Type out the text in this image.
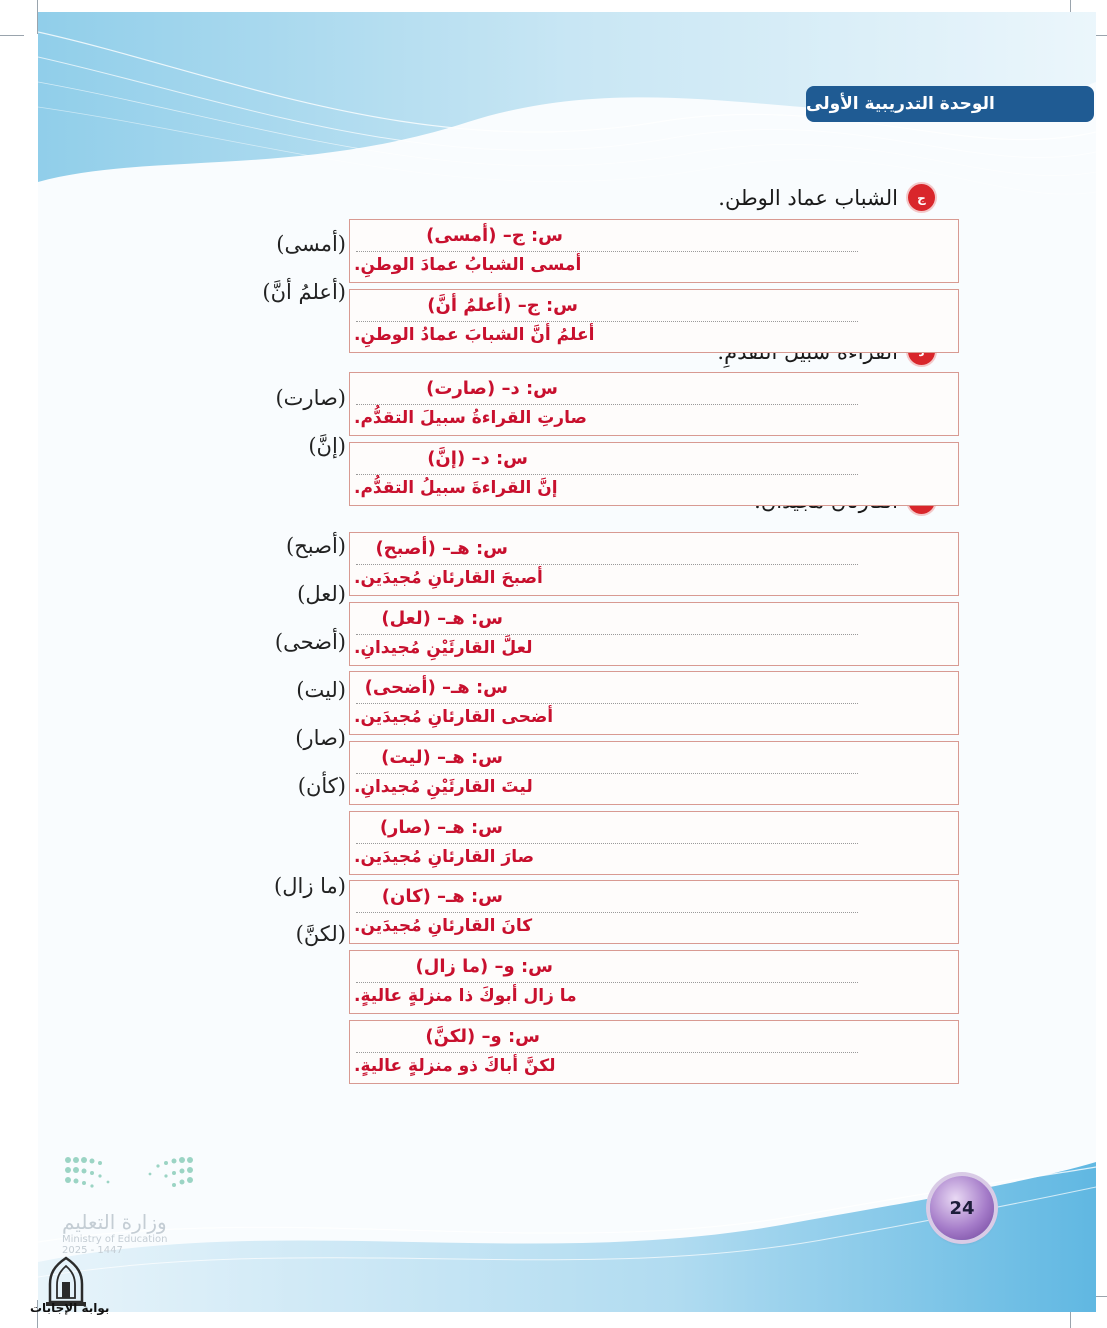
الوحدة التدريبية الأولى
ج
الشباب عماد الوطن.
(أمسى)
(أعلمُ أنَّ)
(صارت)
(إنَّ)
(أصبح)
(لعل)
(أضحى)
(ليت)
(صار)
(كأن)
(ما زال)
(لكنَّ)
س: ج– (أمسى)
أمسى الشبابُ عمادَ الوطنِ.
س: ج– (أعلمُ أنَّ)
أعلمُ أنَّ الشبابَ عمادُ الوطنِ.
س: د– (صارت)
صارتِ القراءةُ سبيلَ التقدُّم.
س: د– (إنَّ)
إنَّ القراءةَ سبيلُ التقدُّم.
س: هـ– (أصبح)
أصبحَ القارئانِ مُجيدَين.
س: هـ– (لعل)
لعلَّ القارئَيْنِ مُجيدانِ.
س: هـ– (أضحى)
أضحى القارئانِ مُجيدَين.
س: هـ– (ليت)
ليتَ القارئَيْنِ مُجيدانِ.
س: هـ– (صار)
صارَ القارئانِ مُجيدَين.
س: هـ– (كان)
كانَ القارئانِ مُجيدَين.
س: و– (ما زال)
ما زال أبوكَ ذا منزلةٍ عاليةٍ.
س: و– (لكنَّ)
لكنَّ أباكَ ذو منزلةٍ عاليةٍ.
وزارة التعليم
Ministry of Education
2025 - 1447
24
بوابة الإجابات
